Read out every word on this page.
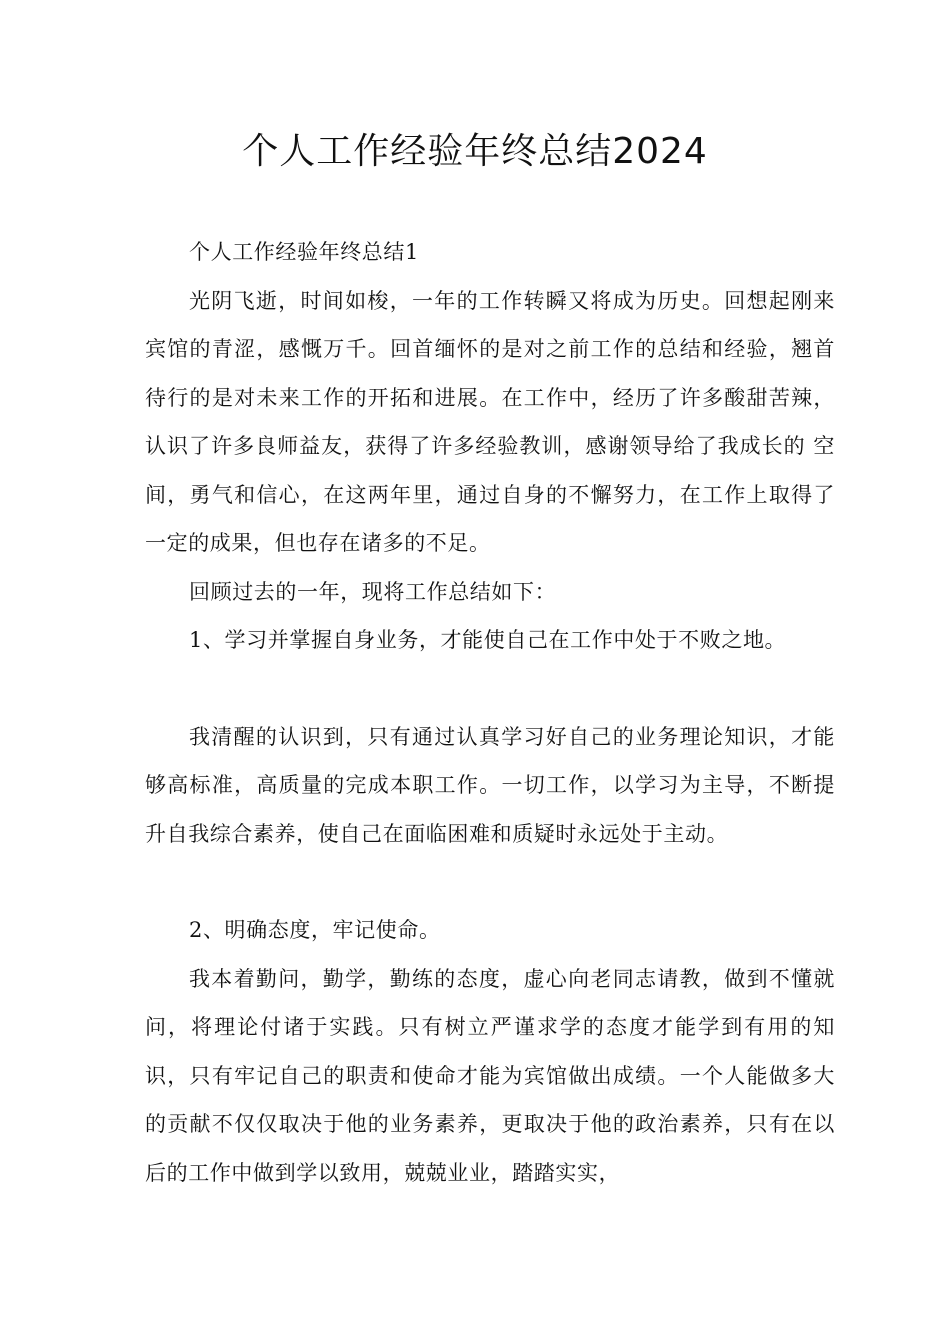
个人工作经验年终总结2024

个人工作经验年终总结1

光阴飞逝，时间如梭，一年的工作转瞬又将成为历史。回想起刚来宾馆的青涩，感慨万千。回首缅怀的是对之前工作的总结和经验，翘首待行的是对未来工作的开拓和进展。在工作中，经历了许多酸甜苦辣，认识了许多良师益友，获得了许多经验教训，感谢领导给了我成长的 空间，勇气和信心，在这两年里，通过自身的不懈努力，在工作上取得了一定的成果，但也存在诸多的不足。

回顾过去的一年，现将工作总结如下：

1、学习并掌握自身业务，才能使自己在工作中处于不败之地。

我清醒的认识到，只有通过认真学习好自己的业务理论知识，才能够高标准，高质量的完成本职工作。一切工作，以学习为主导，不断提升自我综合素养，使自己在面临困难和质疑时永远处于主动。

2、明确态度，牢记使命。

我本着勤问，勤学，勤练的态度，虚心向老同志请教，做到不懂就问，将理论付诸于实践。只有树立严谨求学的态度才能学到有用的知识，只有牢记自己的职责和使命才能为宾馆做出成绩。一个人能做多大的贡献不仅仅取决于他的业务素养，更取决于他的政治素养，只有在以后的工作中做到学以致用，兢兢业业，踏踏实实，
